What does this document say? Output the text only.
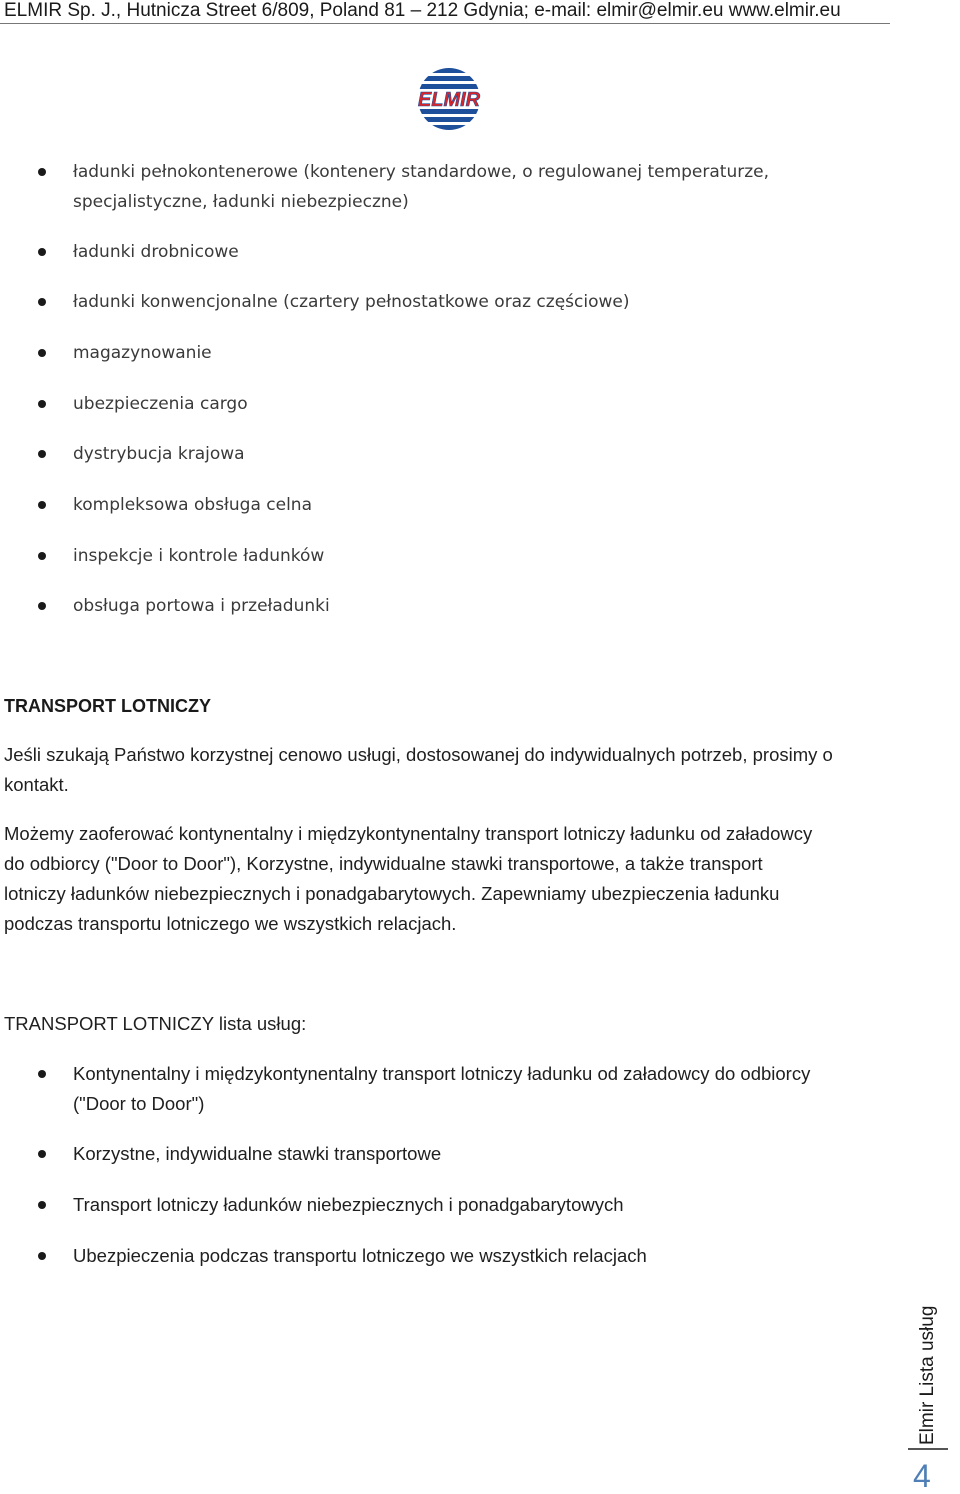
ELMIR Sp. J., Hutnicza Street 6/809, Poland 81 – 212 Gdynia; e-mail: elmir@elmir.eu www.elmir.eu
ELMIR
ładunki pełnokontenerowe (kontenery standardowe, o regulowanej temperaturze,
specjalistyczne, ładunki niebezpieczne)
ładunki drobnicowe
ładunki konwencjonalne (czartery pełnostatkowe oraz częściowe)
magazynowanie
ubezpieczenia cargo
dystrybucja krajowa
kompleksowa obsługa celna
inspekcje i kontrole ładunków
obsługa portowa i przeładunki
TRANSPORT LOTNICZY
Jeśli szukają Państwo korzystnej cenowo usługi, dostosowanej do indywidualnych potrzeb, prosimy o
kontakt.
Możemy zaoferować kontynentalny i międzykontynentalny transport lotniczy ładunku od załadowcy
do odbiorcy ("Door to Door"), Korzystne, indywidualne stawki transportowe, a także transport
lotniczy ładunków niebezpiecznych i ponadgabarytowych. Zapewniamy ubezpieczenia ładunku
podczas transportu lotniczego we wszystkich relacjach.
TRANSPORT LOTNICZY lista usług:
Kontynentalny i międzykontynentalny transport lotniczy ładunku od załadowcy do odbiorcy
("Door to Door")
Korzystne, indywidualne stawki transportowe
Transport lotniczy ładunków niebezpiecznych i ponadgabarytowych
Ubezpieczenia podczas transportu lotniczego we wszystkich relacjach
Elmir Lista usług
4
